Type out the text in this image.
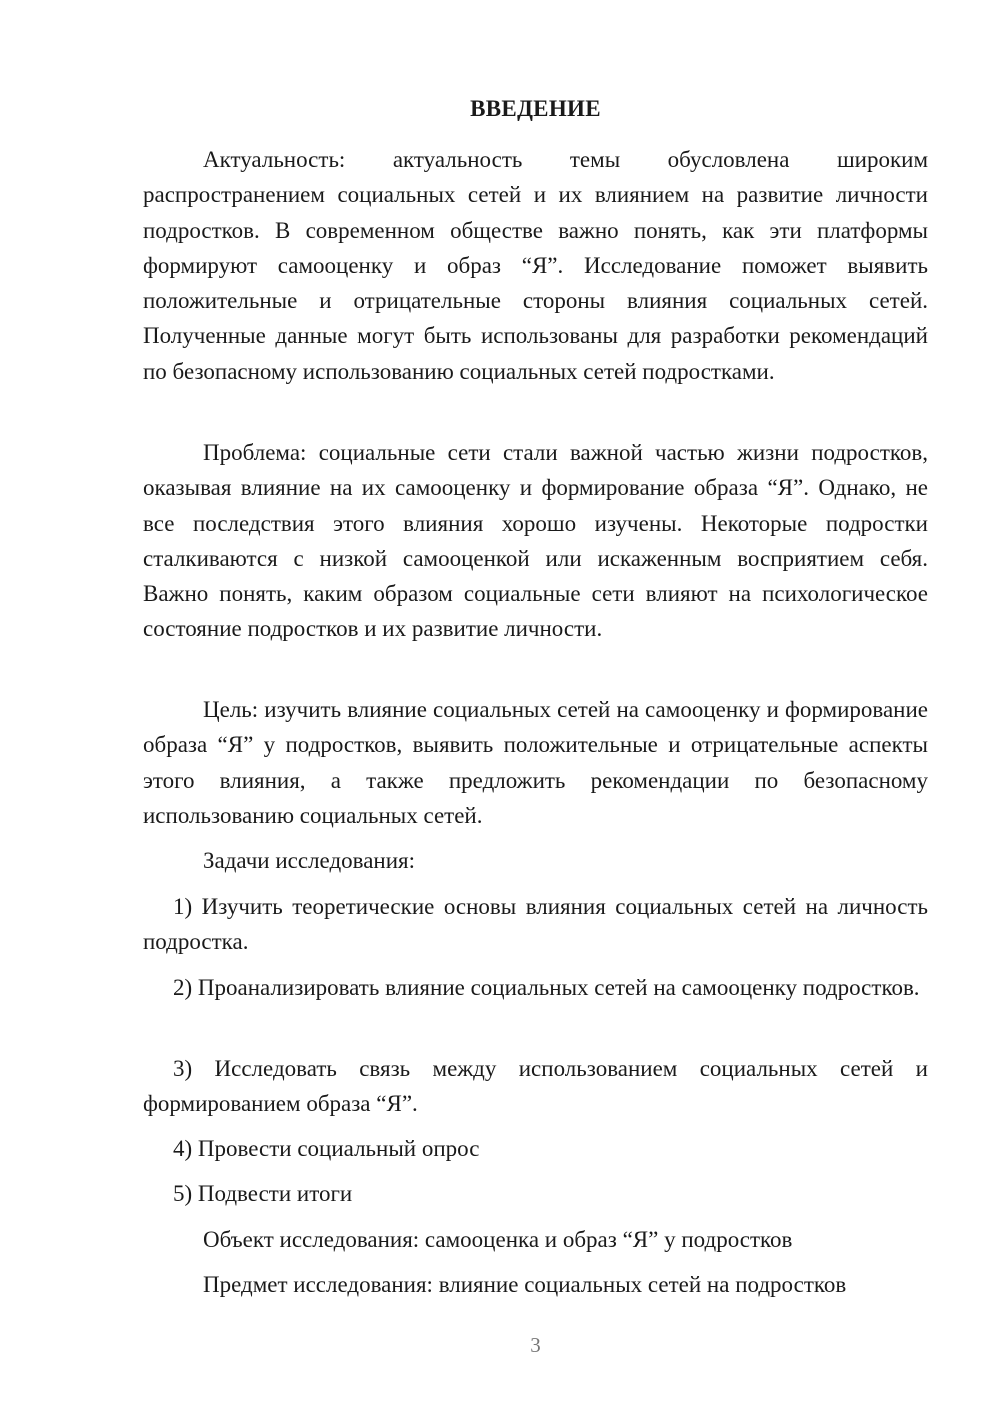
ВВЕДЕНИЕ

Актуальность: актуальность темы обусловлена широким распространением социальных сетей и их влиянием на развитие личности подростков. В современном обществе важно понять, как эти платформы формируют самооценку и образ “Я”. Исследование поможет выявить положительные и отрицательные стороны влияния социальных сетей. Полученные данные могут быть использованы для разработки рекомендаций по безопасному использованию социальных сетей подростками.

Проблема: социальные сети стали важной частью жизни подростков, оказывая влияние на их самооценку и формирование образа “Я”. Однако, не все последствия этого влияния хорошо изучены. Некоторые подростки сталкиваются с низкой самооценкой или искаженным восприятием себя. Важно понять, каким образом социальные сети влияют на психологическое состояние подростков и их развитие личности.

Цель: изучить влияние социальных сетей на самооценку и формирование образа “Я” у подростков, выявить положительные и отрицательные аспекты этого влияния, а также предложить рекомендации по безопасному использованию социальных сетей.

Задачи исследования:

1) Изучить теоретические основы влияния социальных сетей на личность подростка.

2) Проанализировать влияние социальных сетей на самооценку подростков.

3) Исследовать связь между использованием социальных сетей и формированием образа “Я”.

4) Провести социальный опрос

5) Подвести итоги

Объект исследования: самооценка и образ “Я” у подростков

Предмет исследования: влияние социальных сетей на подростков

3
